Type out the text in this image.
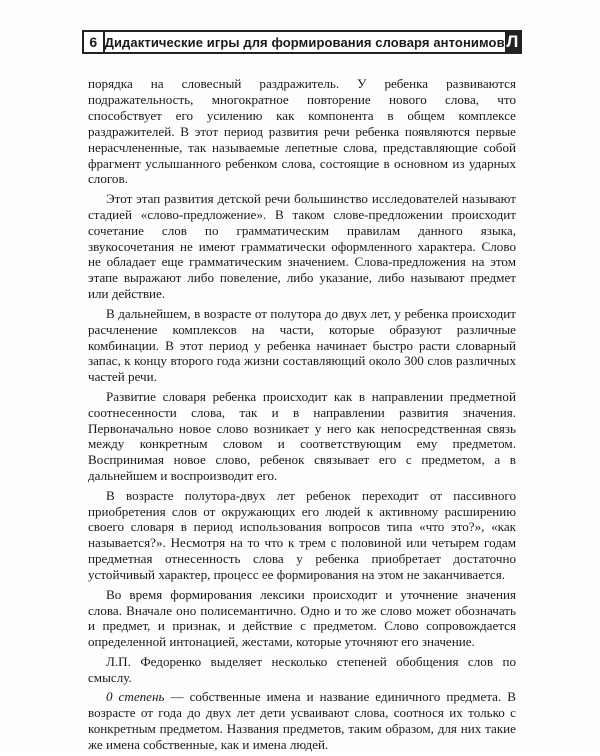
6 Дидактические игры для формирования словаря антонимов Л

порядка на словесный раздражитель. У ребенка развиваются подражательность, многократное повторение нового слова, что способствует его усилению как компонента в общем комплексе раздражителей. В этот период развития речи ребенка появляются первые нерасчлененные, так называемые лепетные слова, представляющие собой фрагмент услышанного ребенком слова, состоящие в основном из ударных слогов.

Этот этап развития детской речи большинство исследователей называют стадией «слово-предложение». В таком слове-предложении происходит сочетание слов по грамматическим правилам данного языка, звукосочетания не имеют грамматически оформленного характера. Слово не обладает еще грамматическим значением. Слова-предложения на этом этапе выражают либо повеление, либо указание, либо называют предмет или действие.

В дальнейшем, в возрасте от полутора до двух лет, у ребенка происходит расчленение комплексов на части, которые образуют различные комбинации. В этот период у ребенка начинает быстро расти словарный запас, к концу второго года жизни составляющий около 300 слов различных частей речи.

Развитие словаря ребенка происходит как в направлении предметной соотнесенности слова, так и в направлении развития значения. Первоначально новое слово возникает у него как непосредственная связь между конкретным словом и соответствующим ему предметом. Воспринимая новое слово, ребенок связывает его с предметом, а в дальнейшем и воспроизводит его.

В возрасте полутора-двух лет ребенок переходит от пассивного приобретения слов от окружающих его людей к активному расширению своего словаря в период использования вопросов типа «что это?», «как называется?». Несмотря на то что к трем с половиной или четырем годам предметная отнесенность слова у ребенка приобретает достаточно устойчивый характер, процесс ее формирования на этом не заканчивается.

Во время формирования лексики происходит и уточнение значения слова. Вначале оно полисемантично. Одно и то же слово может обозначать и предмет, и признак, и действие с предметом. Слово сопровождается определенной интонацией, жестами, которые уточняют его значение.

Л.П. Федоренко выделяет несколько степеней обобщения слов по смыслу.

0 степень — собственные имена и название единичного предмета. В возрасте от года до двух лет дети усваивают слова, соотнося их только с конкретным предметом. Названия предметов, таким образом, для них такие же имена собственные, как и имена людей.
